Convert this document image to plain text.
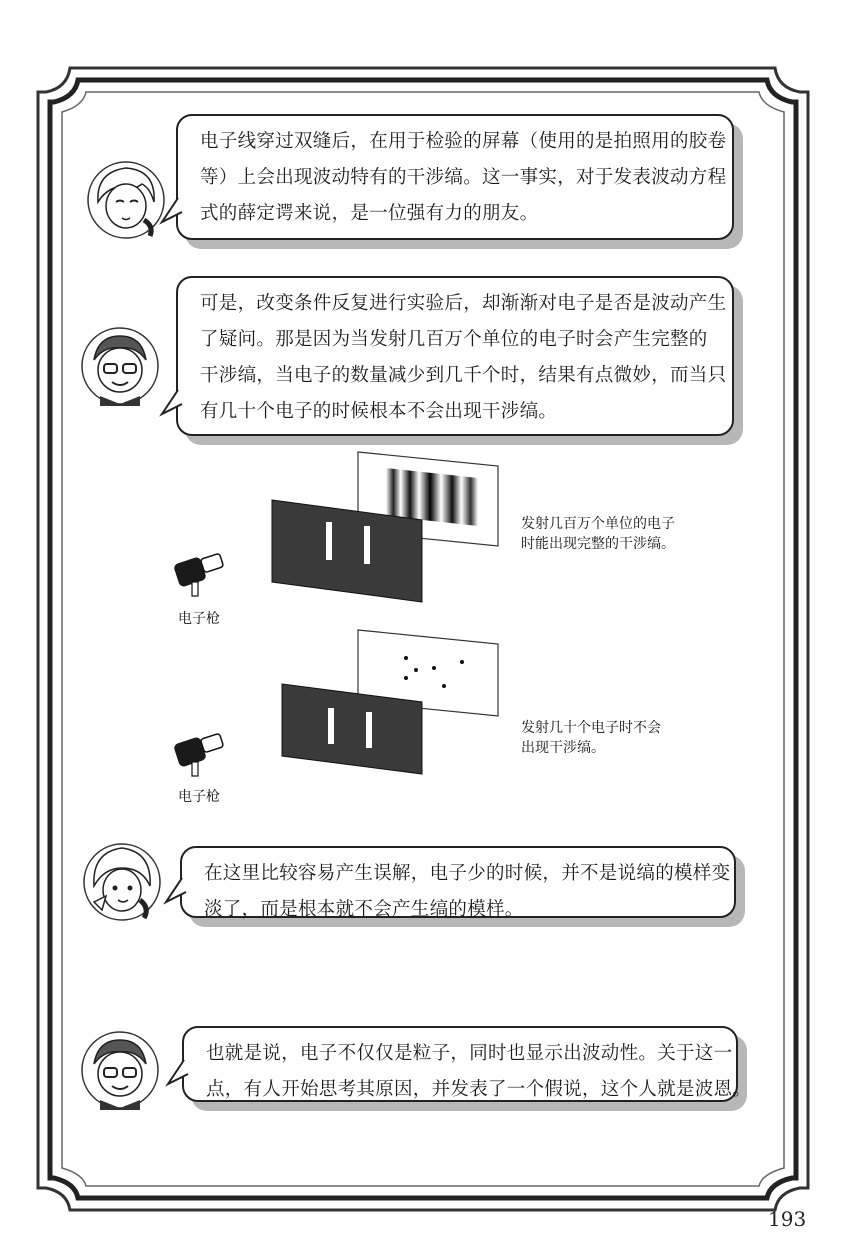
电子线穿过双缝后，在用于检验的屏幕（使用的是拍照用的胶卷

等）上会出现波动特有的干涉缟。这一事实，对于发表波动方程

式的薛定谔来说，是一位强有力的朋友。

可是，改变条件反复进行实验后，却渐渐对电子是否是波动产生

了疑问。那是因为当发射几百万个单位的电子时会产生完整的

干涉缟，当电子的数量减少到几千个时，结果有点微妙，而当只

有几十个电子的时候根本不会出现干涉缟。

发射几百万个单位的电子

时能出现完整的干涉缟。

电子枪

发射几十个电子时不会

出现干涉缟。

电子枪

在这里比较容易产生误解，电子少的时候，并不是说缟的模样变

淡了，而是根本就不会产生缟的模样。

也就是说，电子不仅仅是粒子，同时也显示出波动性。关于这一

点，有人开始思考其原因，并发表了一个假说，这个人就是波恩。

193
